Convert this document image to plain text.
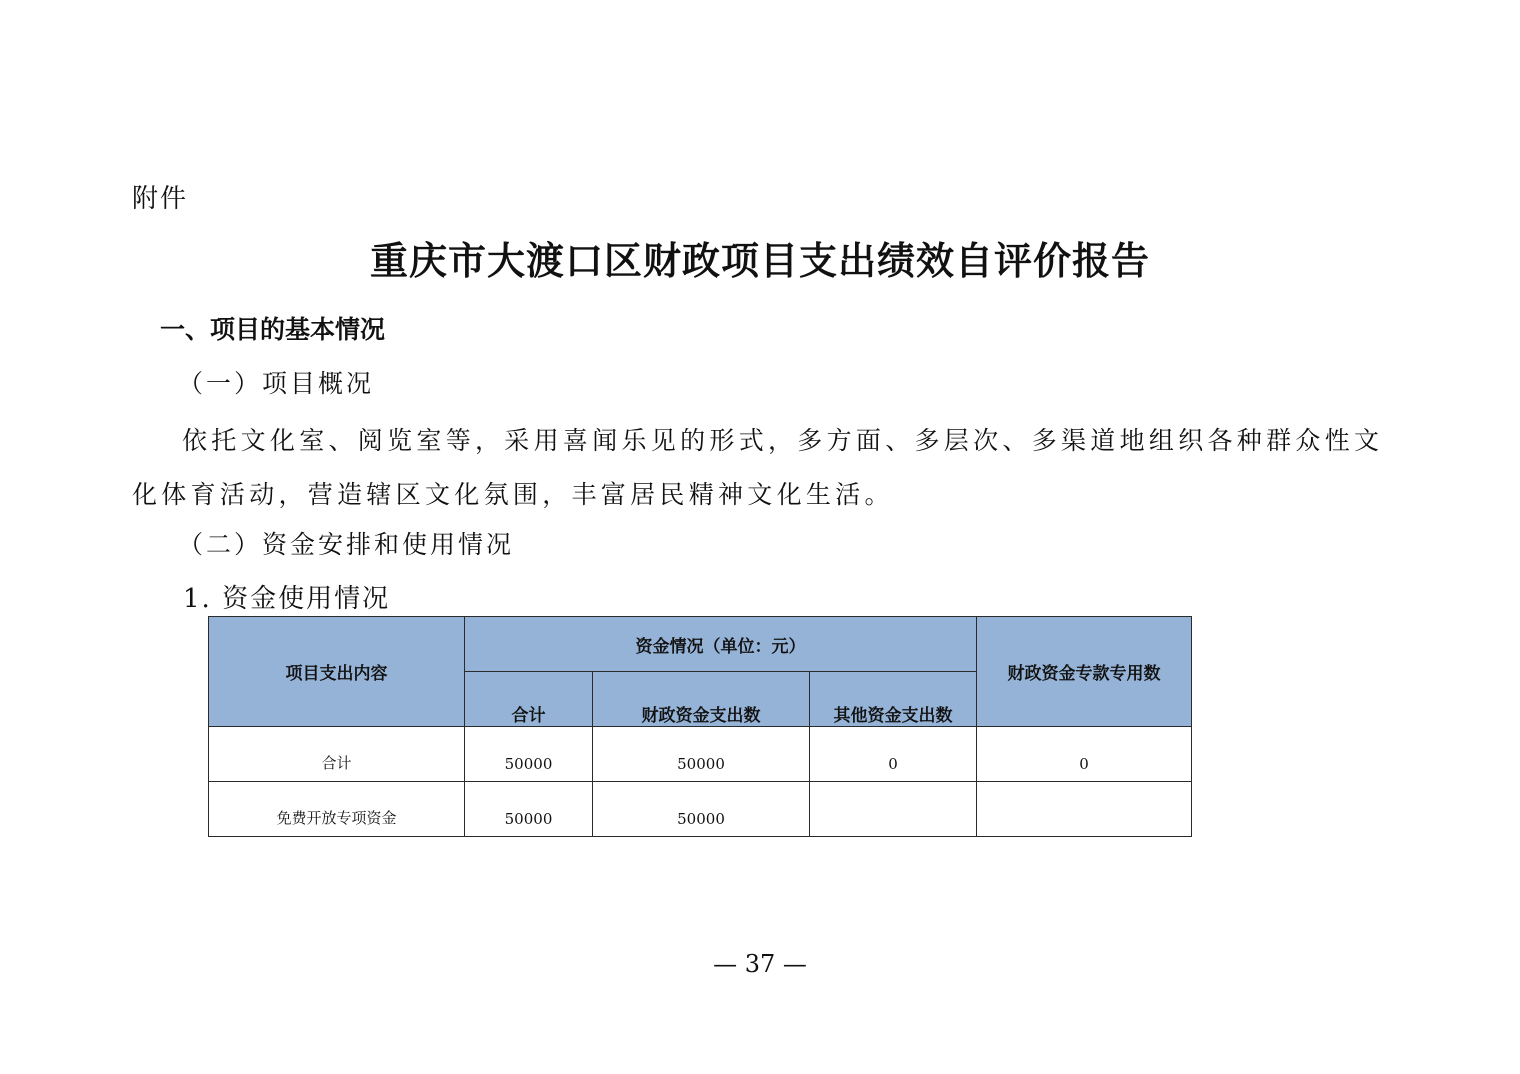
附件
重庆市大渡口区财政项目支出绩效自评价报告
一、项目的基本情况
（一）项目概况
依托文化室、阅览室等，采用喜闻乐见的形式，多方面、多层次、多渠道地组织各种群众性文化体育活动，营造辖区文化氛围，丰富居民精神文化生活。
（二）资金安排和使用情况
1. 资金使用情况
项目支出内容	资金情况（单位：元）			财政资金专款专用数
	合计	财政资金支出数	其他资金支出数	
合计	50000	50000	0	0
免费开放专项资金	50000	50000		
— 37 —
